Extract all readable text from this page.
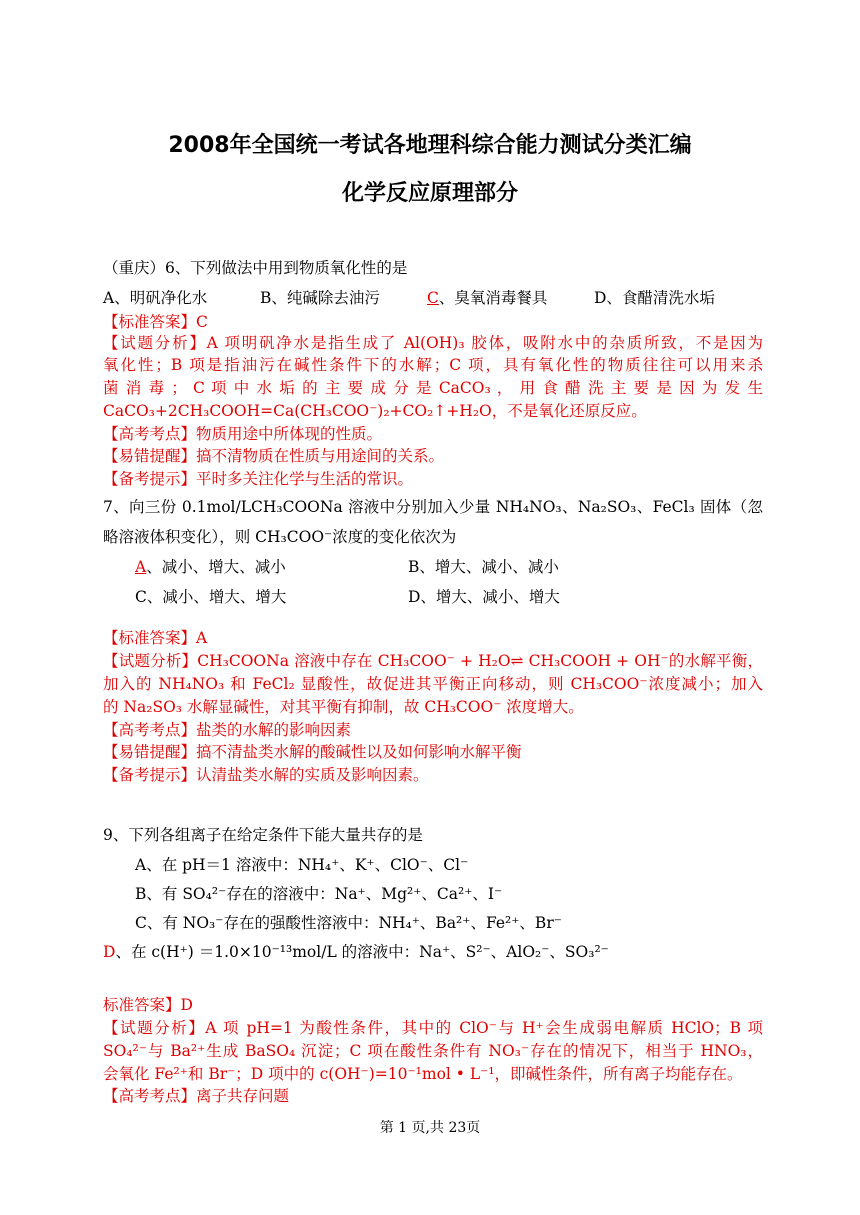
2008年全国统一考试各地理科综合能力测试分类汇编
化学反应原理部分
（重庆）6、下列做法中用到物质氧化性的是
A、明矾净化水	B、纯碱除去油污	C、臭氧消毒餐具	D、食醋清洗水垢
【标准答案】C
【试题分析】A 项明矾净水是指生成了 Al(OH)₃ 胶体，吸附水中的杂质所致，不是因为
氧化性；B 项是指油污在碱性条件下的水解；C 项，具有氧化性的物质往往可以用来杀
菌 消 毒 ； C 项 中 水 垢 的 主 要 成 分 是 CaCO₃ ， 用 食 醋 洗 主 要 是 因 为 发 生
CaCO₃+2CH₃COOH=Ca(CH₃COO⁻)₂+CO₂↑+H₂O，不是氧化还原反应。
【高考考点】物质用途中所体现的性质。
【易错提醒】搞不清物质在性质与用途间的关系。
【备考提示】平时多关注化学与生活的常识。
7、向三份 0.1mol/LCH₃COONa 溶液中分别加入少量 NH₄NO₃、Na₂SO₃、FeCl₃ 固体（忽
略溶液体积变化），则 CH₃COO⁻浓度的变化依次为
A、减小、增大、减小	B、增大、减小、减小
C、减小、增大、增大	D、增大、减小、增大
【标准答案】A
【试题分析】CH₃COONa 溶液中存在 CH₃COO⁻ + H₂O⇌ CH₃COOH + OH⁻的水解平衡，
加入的 NH₄NO₃ 和 FeCl₂ 显酸性，故促进其平衡正向移动，则 CH₃COO⁻浓度减小；加入
的 Na₂SO₃ 水解显碱性，对其平衡有抑制，故 CH₃COO⁻ 浓度增大。
【高考考点】盐类的水解的影响因素
【易错提醒】搞不清盐类水解的酸碱性以及如何影响水解平衡
【备考提示】认清盐类水解的实质及影响因素。
9、下列各组离子在给定条件下能大量共存的是
A、在 pH＝1 溶液中：NH₄⁺、K⁺、ClO⁻、Cl⁻
B、有 SO₄²⁻存在的溶液中：Na⁺、Mg²⁺、Ca²⁺、I⁻
C、有 NO₃⁻存在的强酸性溶液中：NH₄⁺、Ba²⁺、Fe²⁺、Br⁻
D、在 c(H⁺) ＝1.0×10⁻¹³mol/L 的溶液中：Na⁺、S²⁻、AlO₂⁻、SO₃²⁻
标准答案】D
【试题分析】A 项 pH=1 为酸性条件，其中的 ClO⁻与 H⁺会生成弱电解质 HClO；B 项
SO₄²⁻与 Ba²⁺生成 BaSO₄ 沉淀；C 项在酸性条件有 NO₃⁻存在的情况下，相当于 HNO₃，
会氧化 Fe²⁺和 Br⁻；D 项中的 c(OH⁻)=10⁻¹mol • L⁻¹，即碱性条件，所有离子均能存在。
【高考考点】离子共存问题
第 1 页,共 23页
